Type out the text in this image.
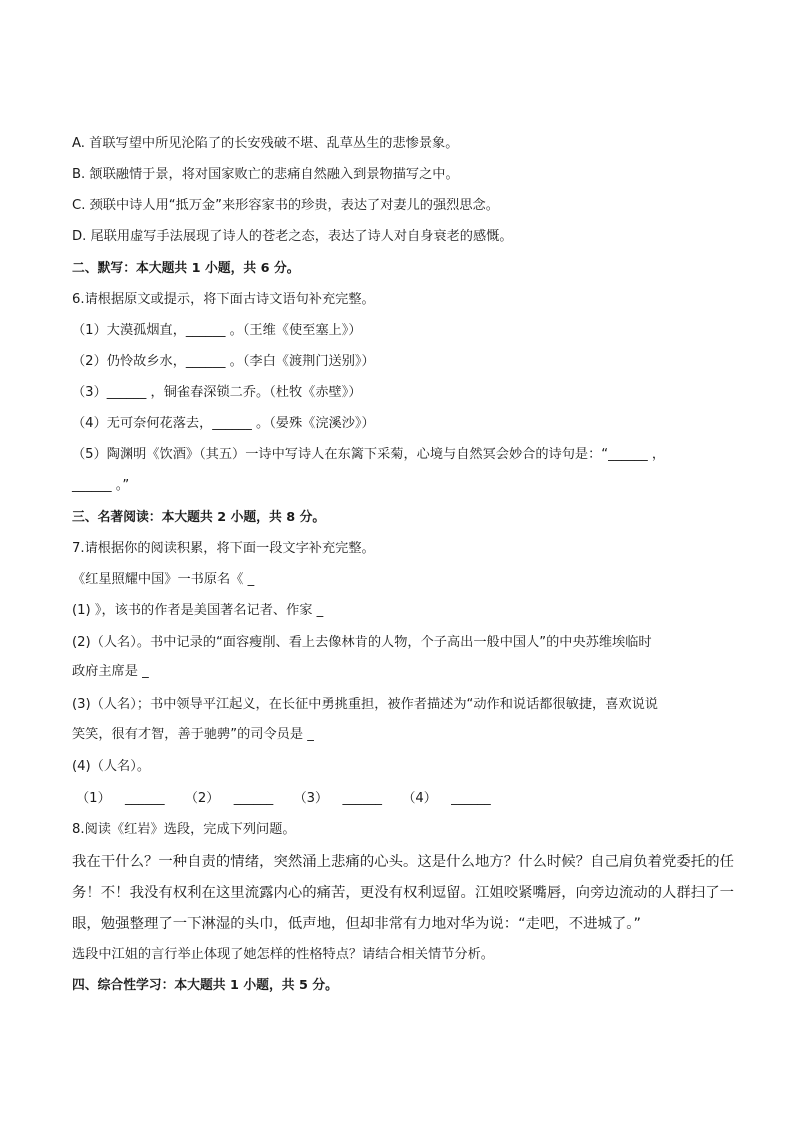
A. 首联写望中所见沦陷了的长安残破不堪、乱草丛生的悲惨景象。
B. 颔联融情于景，将对国家败亡的悲痛自然融入到景物描写之中。
C. 颈联中诗人用“抵万金”来形容家书的珍贵，表达了对妻儿的强烈思念。
D. 尾联用虚写手法展现了诗人的苍老之态，表达了诗人对自身衰老的感慨。
二、默写：本大题共 1 小题，共 6 分。
6.请根据原文或提示，将下面古诗文语句补充完整。
（1）大漠孤烟直，______ 。（王维《使至塞上》）
（2）仍怜故乡水，______ 。（李白《渡荆门送别》）
（3）______ ，铜雀春深锁二乔。（杜牧《赤壁》）
（4）无可奈何花落去，______ 。（晏殊《浣溪沙》）
（5）陶渊明《饮酒》（其五）一诗中写诗人在东篱下采菊，心境与自然冥会妙合的诗句是：“______ ，
______ 。”
三、名著阅读：本大题共 2 小题，共 8 分。
7.请根据你的阅读积累，将下面一段文字补充完整。
《红星照耀中国》一书原名《 _
(1) 》，该书的作者是美国著名记者、作家 _
(2)（人名）。书中记录的“面容瘦削、看上去像林肯的人物，个子高出一般中国人”的中央苏维埃临时
政府主席是 _
(3)（人名）；书中领导平江起义，在长征中勇挑重担，被作者描述为“动作和说话都很敏捷，喜欢说说
笑笑，很有才智，善于驰骋”的司令员是 _
(4)（人名）。
（1） ______ （2） ______ （3） ______ （4） ______
8.阅读《红岩》选段，完成下列问题。
我在干什么？一种自责的情绪，突然涌上悲痛的心头。这是什么地方？什么时候？自己肩负着党委托的任
务！不！我没有权利在这里流露内心的痛苦，更没有权利逗留。江姐咬紧嘴唇，向旁边流动的人群扫了一
眼，勉强整理了一下淋湿的头巾，低声地，但却非常有力地对华为说：“走吧，不进城了。”
选段中江姐的言行举止体现了她怎样的性格特点？请结合相关情节分析。
四、综合性学习：本大题共 1 小题，共 5 分。
